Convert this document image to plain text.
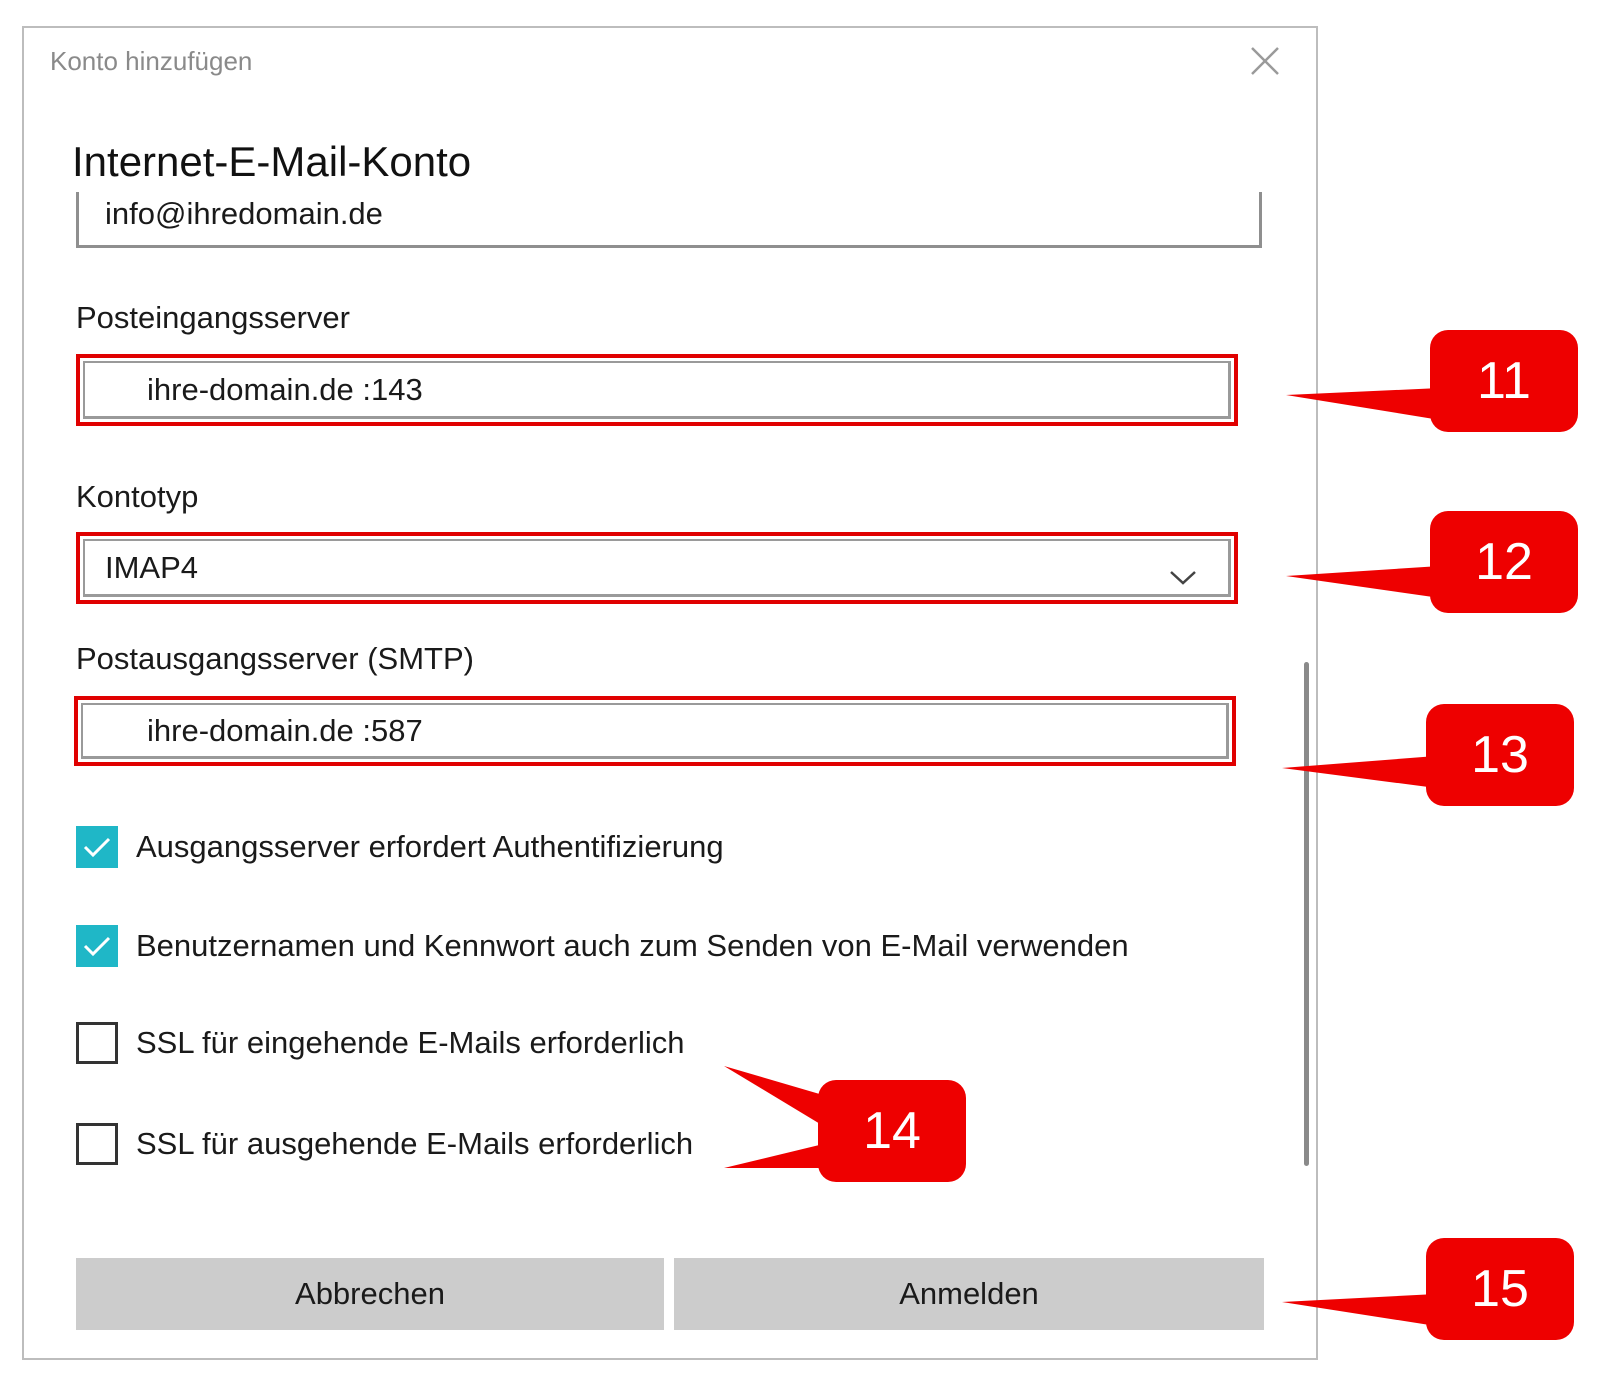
Konto hinzufügen
Internet-E-Mail-Konto
info@ihredomain.de
Posteingangsserver
ihre-domain.de :143
Kontotyp
IMAP4
Postausgangsserver (SMTP)
ihre-domain.de :587
Ausgangsserver erfordert Authentifizierung
Benutzernamen und Kennwort auch zum Senden von E-Mail verwenden
SSL für eingehende E-Mails erforderlich
SSL für ausgehende E-Mails erforderlich
Abbrechen	Anmelden
11
12
13
14
15
